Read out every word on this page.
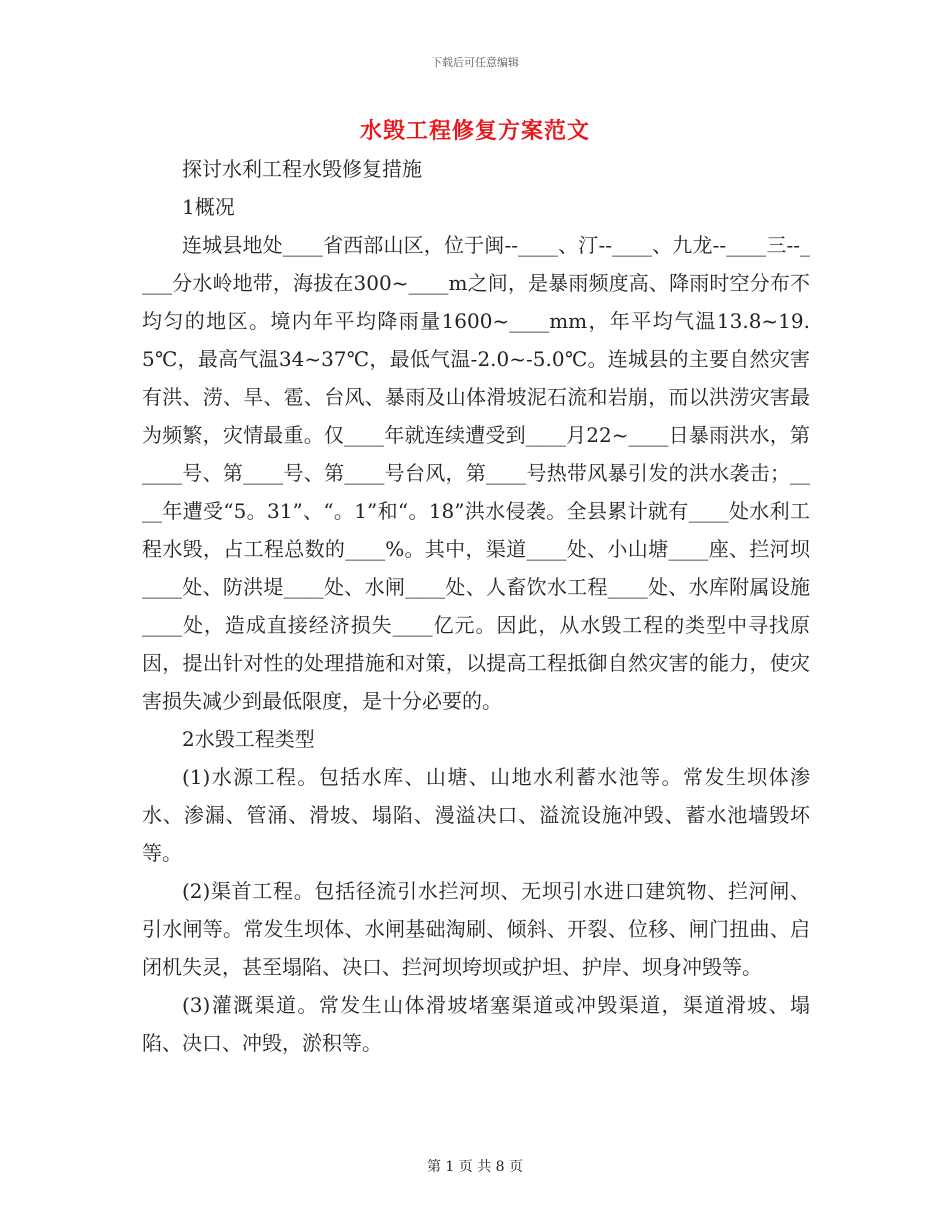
下载后可任意编辑
水毁工程修复方案范文

探讨水利工程水毁修复措施

1概况

连城县地处____省西部山区，位于闽--____、汀--____、九龙--____三--____分水岭地带，海拔在300~____m之间，是暴雨频度高、降雨时空分布不均匀的地区。境内年平均降雨量1600~____mm，年平均气温13.8~19.5℃，最高气温34~37℃，最低气温-2.0~-5.0℃。连城县的主要自然灾害有洪、涝、旱、雹、台风、暴雨及山体滑坡泥石流和岩崩，而以洪涝灾害最为频繁，灾情最重。仅____年就连续遭受到____月22~____日暴雨洪水，第____号、第____号、第____号台风，第____号热带风暴引发的洪水袭击；____年遭受“5。31”、“。1”和“。18”洪水侵袭。全县累计就有____处水利工程水毁，占工程总数的____%。其中，渠道____处、小山塘____座、拦河坝____处、防洪堤____处、水闸____处、人畜饮水工程____处、水库附属设施____处，造成直接经济损失____亿元。因此，从水毁工程的类型中寻找原因，提出针对性的处理措施和对策，以提高工程抵御自然灾害的能力，使灾害损失减少到最低限度，是十分必要的。

2水毁工程类型

(1)水源工程。包括水库、山塘、山地水利蓄水池等。常发生坝体渗水、渗漏、管涌、滑坡、塌陷、漫溢决口、溢流设施冲毁、蓄水池墙毁坏等。

(2)渠首工程。包括径流引水拦河坝、无坝引水进口建筑物、拦河闸、引水闸等。常发生坝体、水闸基础淘刷、倾斜、开裂、位移、闸门扭曲、启闭机失灵，甚至塌陷、决口、拦河坝垮坝或护坦、护岸、坝身冲毁等。

(3)灌溉渠道。常发生山体滑坡堵塞渠道或冲毁渠道，渠道滑坡、塌陷、决口、冲毁，淤积等。

第 1 页 共 8 页
